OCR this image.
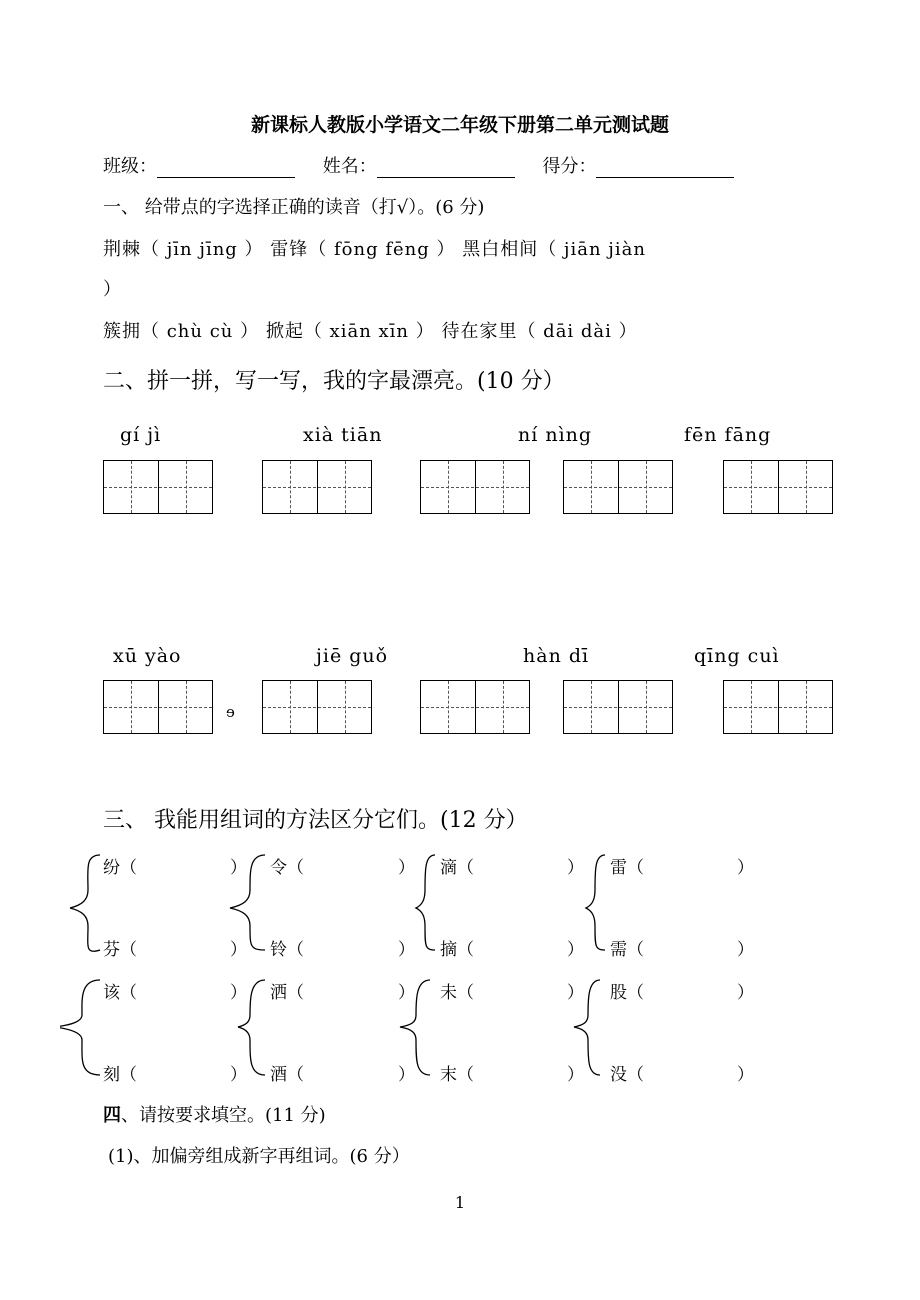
新课标人教版小学语文二年级下册第二单元测试题
班级：	姓名：	得分：
一、 给带点的字选择正确的读音（打√）。(6 分)
荆棘（ jīn jīng ） 雷锋（ fōng fēng ） 黑白相间（ jiān jiàn
）
簇拥（ chù cù ） 掀起（ xiān xīn ） 待在家里（ dāi dài ）
二、拼一拼，写一写，我的字最漂亮。(10 分）
gí jì	xià tiān	ní nìng	fēn fāng
xū yào	jiē guǒ	hàn dī	qīng cuì
ɘ
三、 我能用组词的方法区分它们。(12 分）
纷（	） 令（	） 滴（	） 雷（	）
芬（	） 铃（	） 摘（	） 需（	）
该（	） 洒（	） 未（	） 股（	）
刻（	） 酒（	） 末（	） 没（	）
四、请按要求填空。(11 分)
(1)、加偏旁组成新字再组词。(6 分）
1
